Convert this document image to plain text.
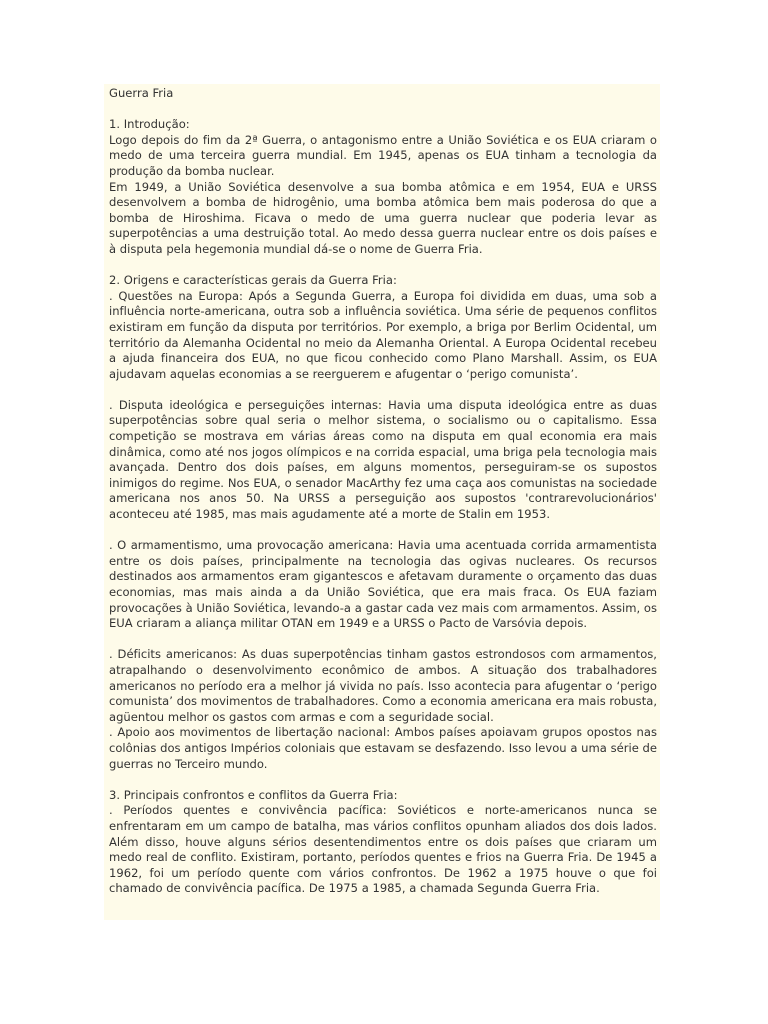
Guerra Fria

1. Introdução:

Logo depois do fim da 2ª Guerra, o antagonismo entre a União Soviética e os EUA criaram o medo de uma terceira guerra mundial. Em 1945, apenas os EUA tinham a tecnologia da produção da bomba nuclear.

Em 1949, a União Soviética desenvolve a sua bomba atômica e em 1954, EUA e URSS desenvolvem a bomba de hidrogênio, uma bomba atômica bem mais poderosa do que a bomba de Hiroshima. Ficava o medo de uma guerra nuclear que poderia levar as superpotências a uma destruição total. Ao medo dessa guerra nuclear entre os dois países e à disputa pela hegemonia mundial dá-se o nome de Guerra Fria.

2. Origens e características gerais da Guerra Fria:

. Questões na Europa: Após a Segunda Guerra, a Europa foi dividida em duas, uma sob a influência norte-americana, outra sob a influência soviética. Uma série de pequenos conflitos existiram em função da disputa por territórios. Por exemplo, a briga por Berlim Ocidental, um território da Alemanha Ocidental no meio da Alemanha Oriental. A Europa Ocidental recebeu a ajuda financeira dos EUA, no que ficou conhecido como Plano Marshall. Assim, os EUA ajudavam aquelas economias a se reerguerem e afugentar o ‘perigo comunista’.

. Disputa ideológica e perseguições internas: Havia uma disputa ideológica entre as duas superpotências sobre qual seria o melhor sistema, o socialismo ou o capitalismo. Essa competição se mostrava em várias áreas como na disputa em qual economia era mais dinâmica, como até nos jogos olímpicos e na corrida espacial, uma briga pela tecnologia mais avançada. Dentro dos dois países, em alguns momentos, perseguiram-se os supostos inimigos do regime. Nos EUA, o senador MacArthy fez uma caça aos comunistas na sociedade americana nos anos 50. Na URSS a perseguição aos supostos 'contrarevolucionários' aconteceu até 1985, mas mais agudamente até a morte de Stalin em 1953.

. O armamentismo, uma provocação americana: Havia uma acentuada corrida armamentista entre os dois países, principalmente na tecnologia das ogivas nucleares. Os recursos destinados aos armamentos eram gigantescos e afetavam duramente o orçamento das duas economias, mas mais ainda a da União Soviética, que era mais fraca. Os EUA faziam provocações à União Soviética, levando-a a gastar cada vez mais com armamentos. Assim, os EUA criaram a aliança militar OTAN em 1949 e a URSS o Pacto de Varsóvia depois.

. Déficits americanos: As duas superpotências tinham gastos estrondosos com armamentos, atrapalhando o desenvolvimento econômico de ambos. A situação dos trabalhadores americanos no período era a melhor já vivida no país. Isso acontecia para afugentar o ‘perigo comunista’ dos movimentos de trabalhadores. Como a economia americana era mais robusta, agüentou melhor os gastos com armas e com a seguridade social.

. Apoio aos movimentos de libertação nacional: Ambos países apoiavam grupos opostos nas colônias dos antigos Impérios coloniais que estavam se desfazendo. Isso levou a uma série de guerras no Terceiro mundo.

3. Principais confrontos e conflitos da Guerra Fria:

. Períodos quentes e convivência pacífica: Soviéticos e norte-americanos nunca se enfrentaram em um campo de batalha, mas vários conflitos opunham aliados dos dois lados. Além disso, houve alguns sérios desentendimentos entre os dois países que criaram um medo real de conflito. Existiram, portanto, períodos quentes e frios na Guerra Fria. De 1945 a 1962, foi um período quente com vários confrontos. De 1962 a 1975 houve o que foi chamado de convivência pacífica. De 1975 a 1985, a chamada Segunda Guerra Fria.
